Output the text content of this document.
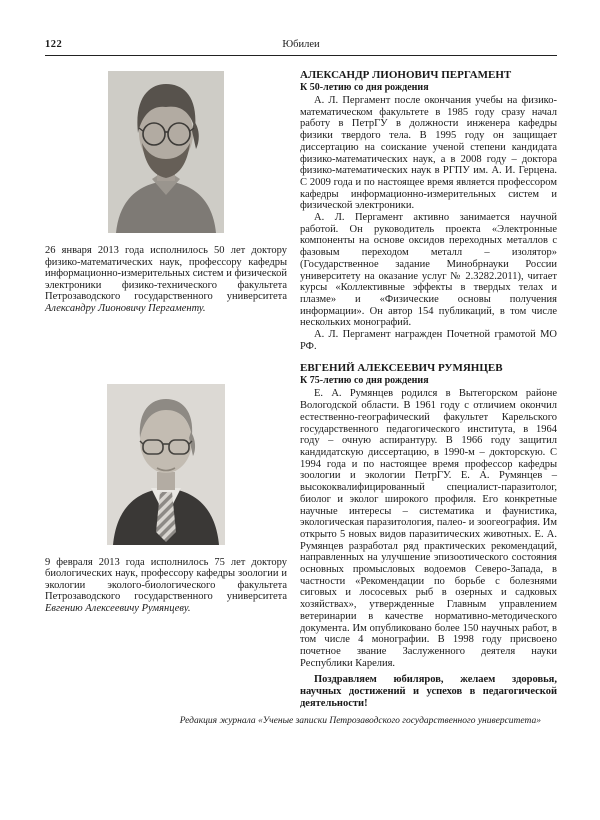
122	Юбилеи

26 января 2013 года исполнилось 50 лет доктору физико-математических наук, профессору кафедры информационно-измерительных систем и физической электроники физико-технического факультета Петрозаводского государственного университета Александру Лионовичу Пергаменту.

9 февраля 2013 года исполнилось 75 лет доктору биологических наук, профессору кафедры зоологии и экологии эколого-биологического факультета Петрозаводского государственного университета Евгению Алексеевичу Румянцеву.

АЛЕКСАНДР ЛИОНОВИЧ ПЕРГАМЕНТ
К 50-летию со дня рождения

А. Л. Пергамент после окончания учебы на физико-математическом факультете в 1985 году сразу начал работу в ПетрГУ в должности инженера кафедры физики твердого тела. В 1995 году он защищает диссертацию на соискание ученой степени кандидата физико-математических наук, а в 2008 году – доктора физико-математических наук в РГПУ им. А. И. Герцена. С 2009 года и по настоящее время является профессором кафедры информационно-измерительных систем и физической электроники.

А. Л. Пергамент активно занимается научной работой. Он руководитель проекта «Электронные компоненты на основе оксидов переходных металлов с фазовым переходом металл – изолятор» (Государственное задание Минобрнауки России университету на оказание услуг № 2.3282.2011), читает курсы «Коллективные эффекты в твердых телах и плазме» и «Физические основы получения информации». Он автор 154 публикаций, в том числе нескольких монографий.

А. Л. Пергамент награжден Почетной грамотой МО РФ.

ЕВГЕНИЙ АЛЕКСЕЕВИЧ РУМЯНЦЕВ
К 75-летию со дня рождения

Е. А. Румянцев родился в Вытегорском районе Вологодской области. В 1961 году с отличием окончил естественно-географический факультет Карельского государственного педагогического института, в 1964 году – очную аспирантуру. В 1966 году защитил кандидатскую диссертацию, в 1990-м – докторскую. С 1994 года и по настоящее время профессор кафедры зоологии и экологии ПетрГУ. Е. А. Румянцев – высококвалифицированный специалист-паразитолог, биолог и эколог широкого профиля. Его конкретные научные интересы – систематика и фаунистика, экологическая паразитология, палео- и зоогеография. Им открыто 5 новых видов паразитических животных. Е. А. Румянцев разработал ряд практических рекомендаций, направленных на улучшение эпизоотического состояния основных промысловых водоемов Северо-Запада, в частности «Рекомендации по борьбе с болезнями сиговых и лососевых рыб в озерных и садковых хозяйствах», утвержденные Главным управлением ветеринарии в качестве нормативно-методического документа. Им опубликовано более 150 научных работ, в том числе 4 монографии. В 1998 году присвоено почетное звание Заслуженного деятеля науки Республики Карелия.

Поздравляем юбиляров, желаем здоровья, научных достижений и успехов в педагогической деятельности!

Редакция журнала «Ученые записки Петрозаводского государственного университета»
